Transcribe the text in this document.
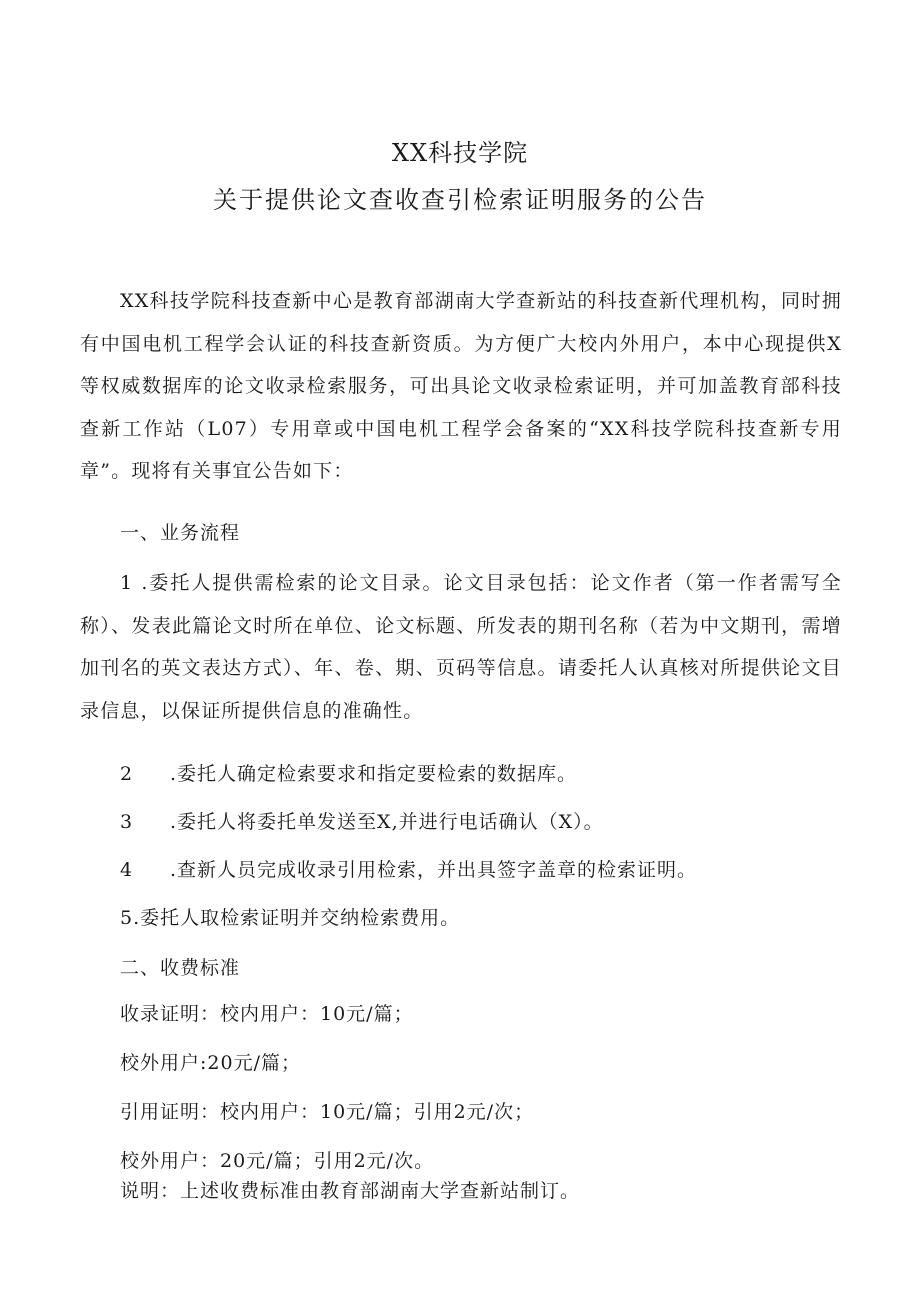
XX科技学院
关于提供论文查收查引检索证明服务的公告

XX科技学院科技查新中心是教育部湖南大学查新站的科技查新代理机构，同时拥有中国电机工程学会认证的科技查新资质。为方便广大校内外用户，本中心现提供X等权威数据库的论文收录检索服务，可出具论文收录检索证明，并可加盖教育部科技查新工作站（L07）专用章或中国电机工程学会备案的“XX科技学院科技查新专用章”。现将有关事宜公告如下：

一、业务流程

1 .委托人提供需检索的论文目录。论文目录包括：论文作者（第一作者需写全称）、发表此篇论文时所在单位、论文标题、所发表的期刊名称（若为中文期刊，需增加刊名的英文表达方式）、年、卷、期、页码等信息。请委托人认真核对所提供论文目录信息，以保证所提供信息的准确性。

2 .委托人确定检索要求和指定要检索的数据库。

3 .委托人将委托单发送至X,并进行电话确认（X）。

4 .查新人员完成收录引用检索，并出具签字盖章的检索证明。

5.委托人取检索证明并交纳检索费用。

二、收费标准

收录证明：校内用户：10元/篇；

校外用户:20元/篇；

引用证明：校内用户：10元/篇；引用2元/次；

校外用户：20元/篇；引用2元/次。

说明：上述收费标准由教育部湖南大学查新站制订。
